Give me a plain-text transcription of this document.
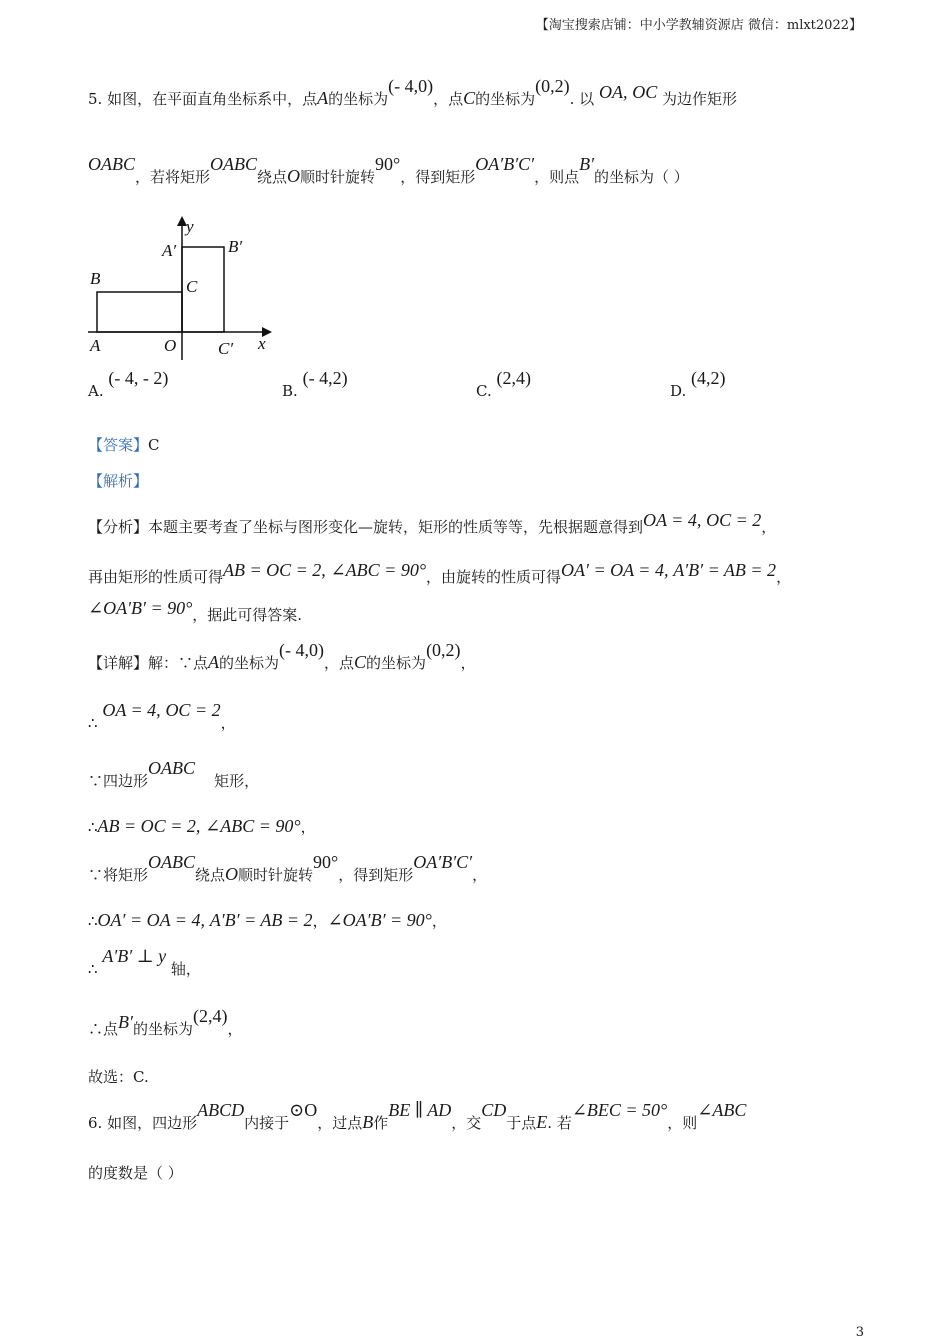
【淘宝搜索店铺：中小学教辅资源店 微信：mlxt2022】
5. 如图，在平面直角坐标系中，点A的坐标为(- 4,0)，点C的坐标为(0,2). 以 OA, OC 为边作矩形
OABC，若将矩形OABC绕点O顺时针旋转90°，得到矩形OA′B′C′，则点B′的坐标为（ ）
y
A′	B′
B	C
A	O C′ x
A. (- 4, - 2)
B. (- 4,2)
C. (2,4)
D. (4,2)
【答案】C
【解析】
【分析】本题主要考查了坐标与图形变化—旋转，矩形的性质等等，先根据题意得到OA = 4, OC = 2，
再由矩形的性质可得AB = OC = 2, ∠ABC = 90°，由旋转的性质可得OA′ = OA = 4, A′B′ = AB = 2，
∠OA′B′ = 90°，据此可得答案.
【详解】解：∵点A的坐标为(- 4,0)，点C的坐标为(0,2)，
∴ OA = 4, OC = 2，
∵四边形OABC    矩形，
∴AB = OC = 2, ∠ABC = 90°，
∵将矩形OABC绕点O顺时针旋转90°，得到矩形OA′B′C′，
∴OA′ = OA = 4, A′B′ = AB = 2，∠OA′B′ = 90°，
∴ A′B′ ⊥ y 轴，
∴点B′的坐标为(2,4)，
故选：C.
6. 如图，四边形ABCD内接于⊙O，过点B作BE ∥ AD，交CD于点E. 若∠BEC = 50°，则∠ABC
的度数是（ ）
3
